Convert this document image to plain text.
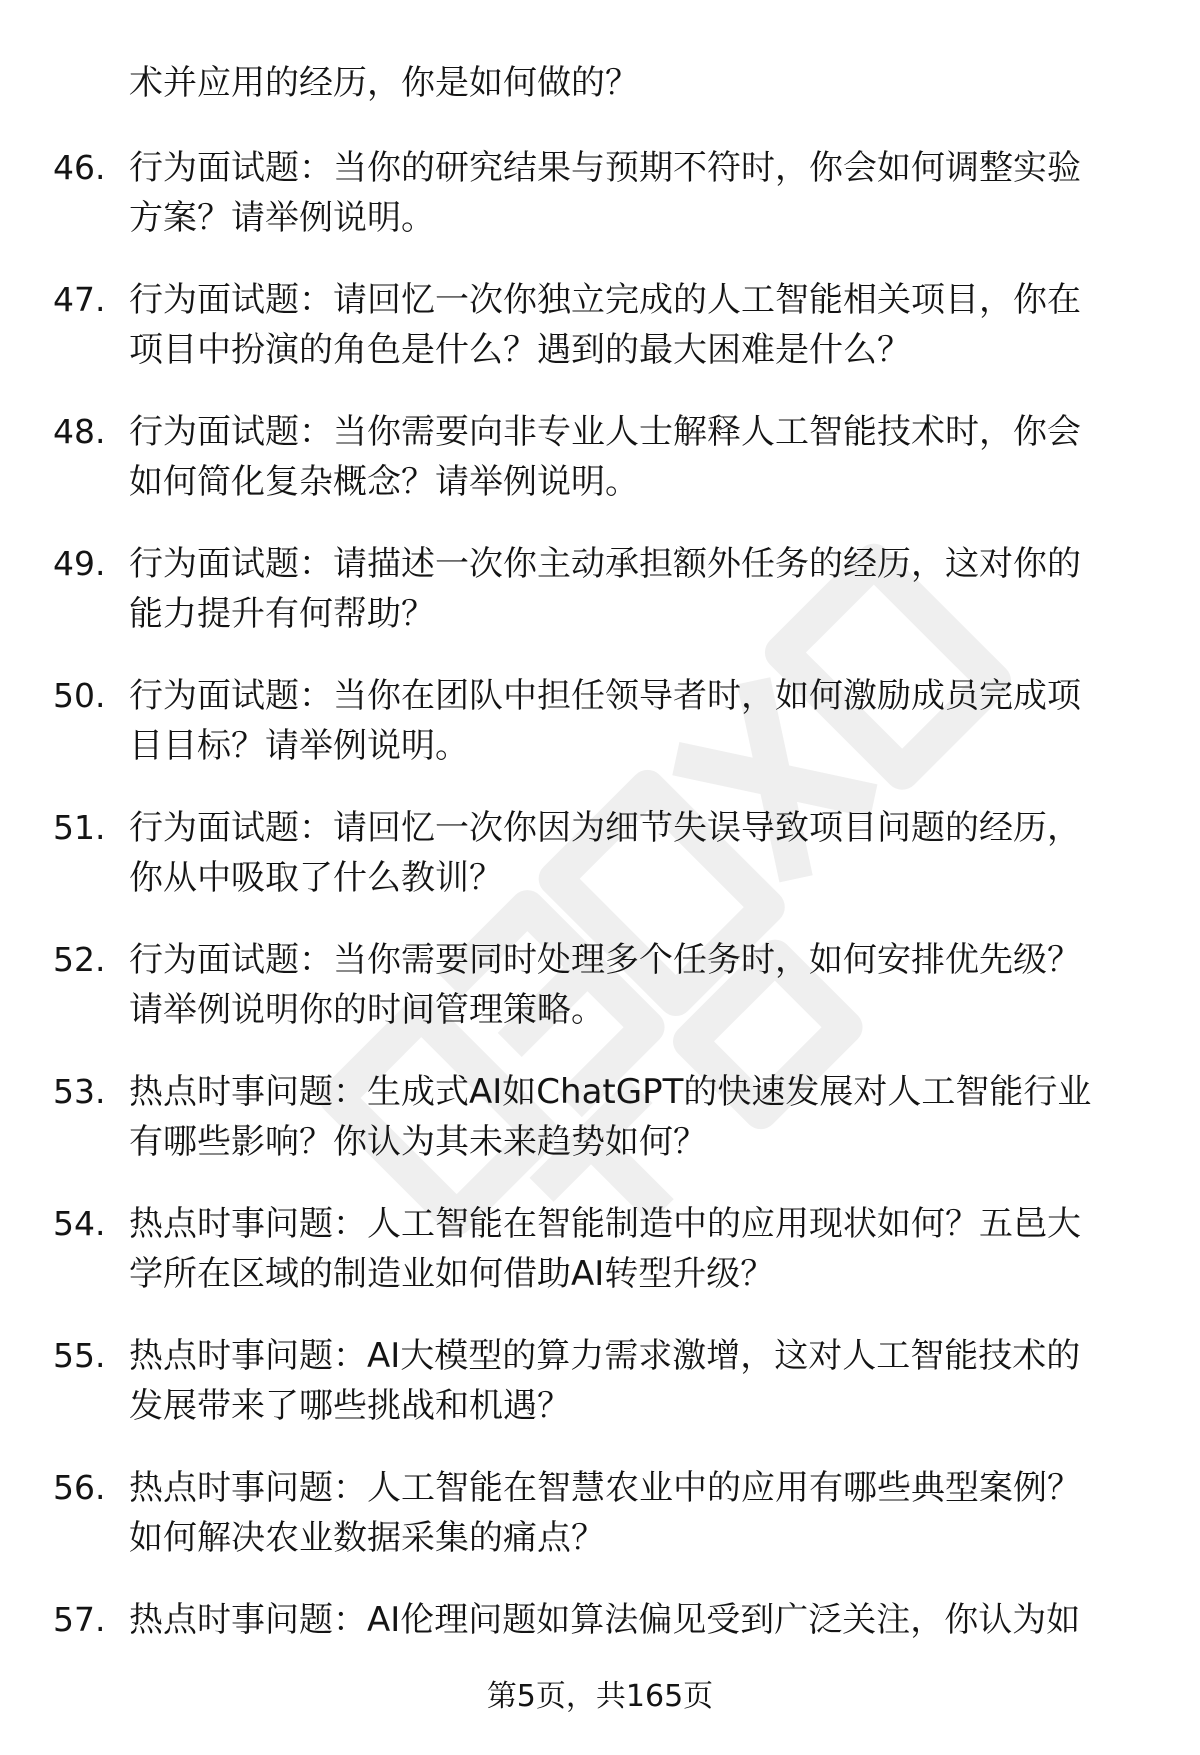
术并应用的经历，你是如何做的？
46. 行为面试题：当你的研究结果与预期不符时，你会如何调整实验
方案？请举例说明。
47. 行为面试题：请回忆一次你独立完成的人工智能相关项目，你在
项目中扮演的角色是什么？遇到的最大困难是什么？
48. 行为面试题：当你需要向非专业人士解释人工智能技术时，你会
如何简化复杂概念？请举例说明。
49. 行为面试题：请描述一次你主动承担额外任务的经历，这对你的
能力提升有何帮助？
50. 行为面试题：当你在团队中担任领导者时，如何激励成员完成项
目目标？请举例说明。
51. 行为面试题：请回忆一次你因为细节失误导致项目问题的经历，
你从中吸取了什么教训？
52. 行为面试题：当你需要同时处理多个任务时，如何安排优先级？
请举例说明你的时间管理策略。
53. 热点时事问题：生成式AI如ChatGPT的快速发展对人工智能行业
有哪些影响？你认为其未来趋势如何？
54. 热点时事问题：人工智能在智能制造中的应用现状如何？五邑大
学所在区域的制造业如何借助AI转型升级？
55. 热点时事问题：AI大模型的算力需求激增，这对人工智能技术的
发展带来了哪些挑战和机遇？
56. 热点时事问题：人工智能在智慧农业中的应用有哪些典型案例？
如何解决农业数据采集的痛点？
57. 热点时事问题：AI伦理问题如算法偏见受到广泛关注，你认为如
第5页，共165页
